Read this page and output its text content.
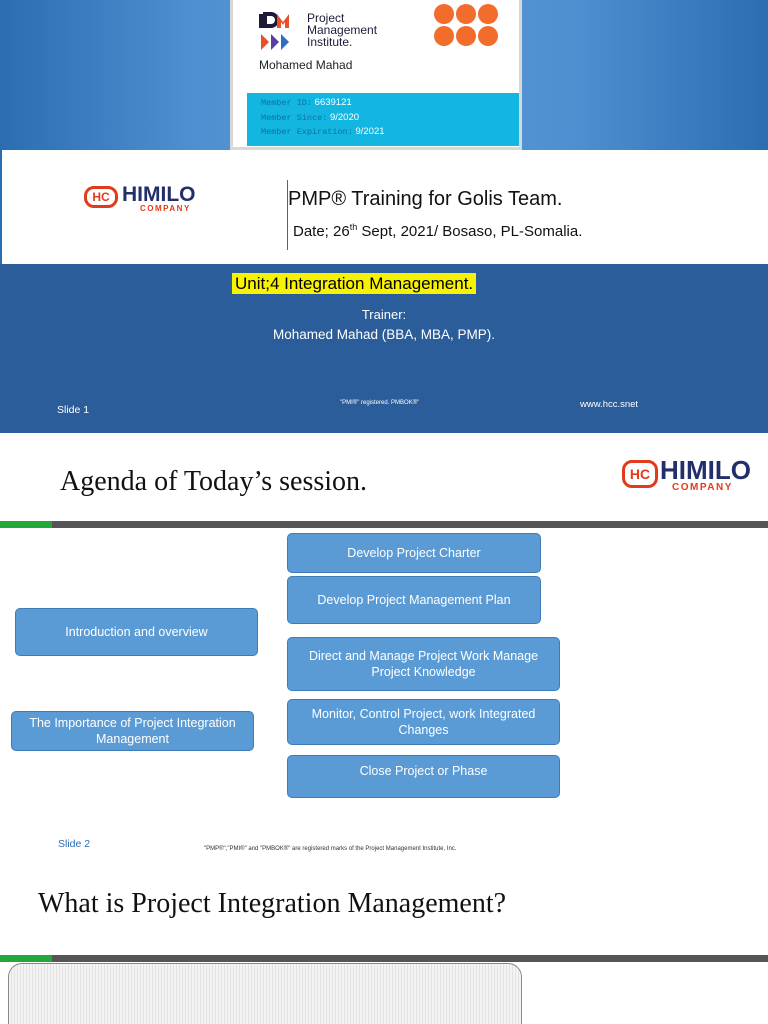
Project
Management
Institute.
Mohamed Mahad
Member ID: 6639121
Member Since: 9/2020
Member Expiration: 9/2021
HC HIMILO
COMPANY	PMP® Training for Golis Team.
Date; 26th Sept, 2021/ Bosaso, PL-Somalia.
Unit;4 Integration Management.
Trainer:
Mohamed Mahad (BBA, MBA, PMP).
Slide 1
"PMI®" registered. PMBOK®"	www.hcc.snet
Agenda of Today’s session.	HC HIMILO
COMPANY
Introduction and overview
The Importance of Project Integration Management
Develop Project Charter
Develop Project Management Plan
Direct and Manage Project Work Manage Project Knowledge
Monitor, Control Project, work Integrated Changes
Close Project or Phase
Slide 2	"PMP®","PMI®" and "PMBOK®" are registered marks of the Project Management Institute, Inc.
What is Project Integration Management?
